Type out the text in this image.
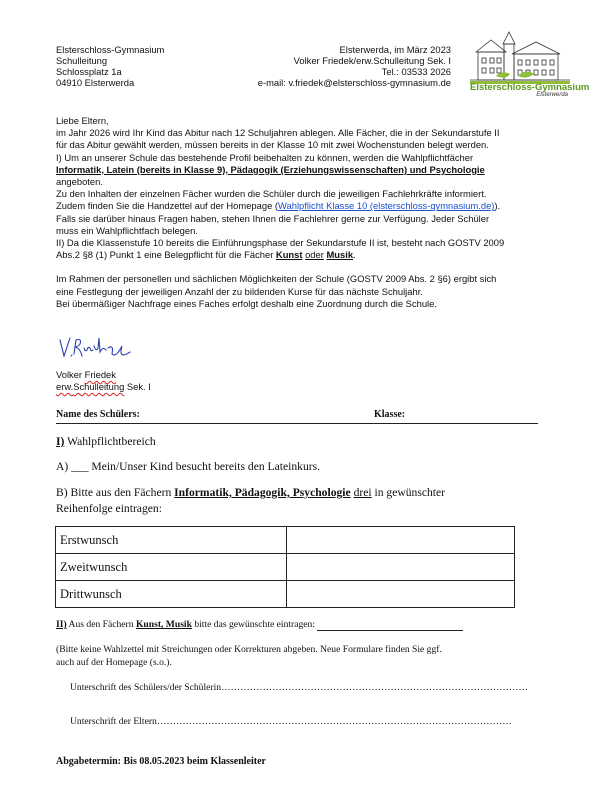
Elsterschloss-Gymnasium
Schulleitung
Schlossplatz 1a
04910 Elsterwerda
Elsterwerda, im März 2023
Volker Friedek/erw.Schulleitung Sek. I
Tel.: 03533 2026
e-mail: v.friedek@elsterschloss-gymnasium.de Elsterschloss-Gymnasium
Elsterwerda

Liebe Eltern,

im Jahr 2026 wird Ihr Kind das Abitur nach 12 Schuljahren ablegen. Alle Fächer, die in der Sekundarstufe II

für das Abitur gewählt werden, müssen bereits in der Klasse 10 mit zwei Wochenstunden belegt werden.

I) Um an unserer Schule das bestehende Profil beibehalten zu können, werden die Wahlpflichtfächer

Informatik, Latein (bereits in Klasse 9), Pädagogik (Erziehungswissenschaften) und Psychologie

angeboten.

Zu den Inhalten der einzelnen Fächer wurden die Schüler durch die jeweiligen Fachlehrkräfte informiert.

Zudem finden Sie die Handzettel auf der Homepage (Wahlpflicht Klasse 10 (elsterschloss-gymnasium.de)).

Falls sie darüber hinaus Fragen haben, stehen Ihnen die Fachlehrer gerne zur Verfügung. Jeder Schüler

muss ein Wahlpflichtfach belegen.

II) Da die Klassenstufe 10 bereits die Einführungsphase der Sekundarstufe II ist, besteht nach GOSTV 2009

Abs.2 §8 (1) Punkt 1 eine Belegpflicht für die Fächer Kunst oder Musik.

Im Rahmen der personellen und sächlichen Möglichkeiten der Schule (GOSTV 2009 Abs. 2 §6) ergibt sich

eine Festlegung der jeweiligen Anzahl der zu bildenden Kurse für das nächste Schuljahr.

Bei übermäßiger Nachfrage eines Faches erfolgt deshalb eine Zuordnung durch die Schule.

Volker Friedek
erw.Schulleitung Sek. I
Name des Schülers:	Klasse:
I) Wahlpflichtbereich
A) ___ Mein/Unser Kind besucht bereits den Lateinkurs.
B) Bitte aus den Fächern Informatik, Pädagogik, Psychologie drei in gewünschter
Reihenfolge eintragen:
Erstwunsch	
Zweitwunsch	
Drittwunsch	
II) Aus den Fächern Kunst, Musik bitte das gewünschte eintragen:
(Bitte keine Wahlzettel mit Streichungen oder Korrekturen abgeben. Neue Formulare finden Sie ggf.
auch auf der Homepage (s.o.).
Unterschrift des Schülers/der Schülerin……………………………………………………………………………………
Unterschrift der Eltern…………………………………………………………………………………………………
Abgabetermin: Bis 08.05.2023 beim Klassenleiter
